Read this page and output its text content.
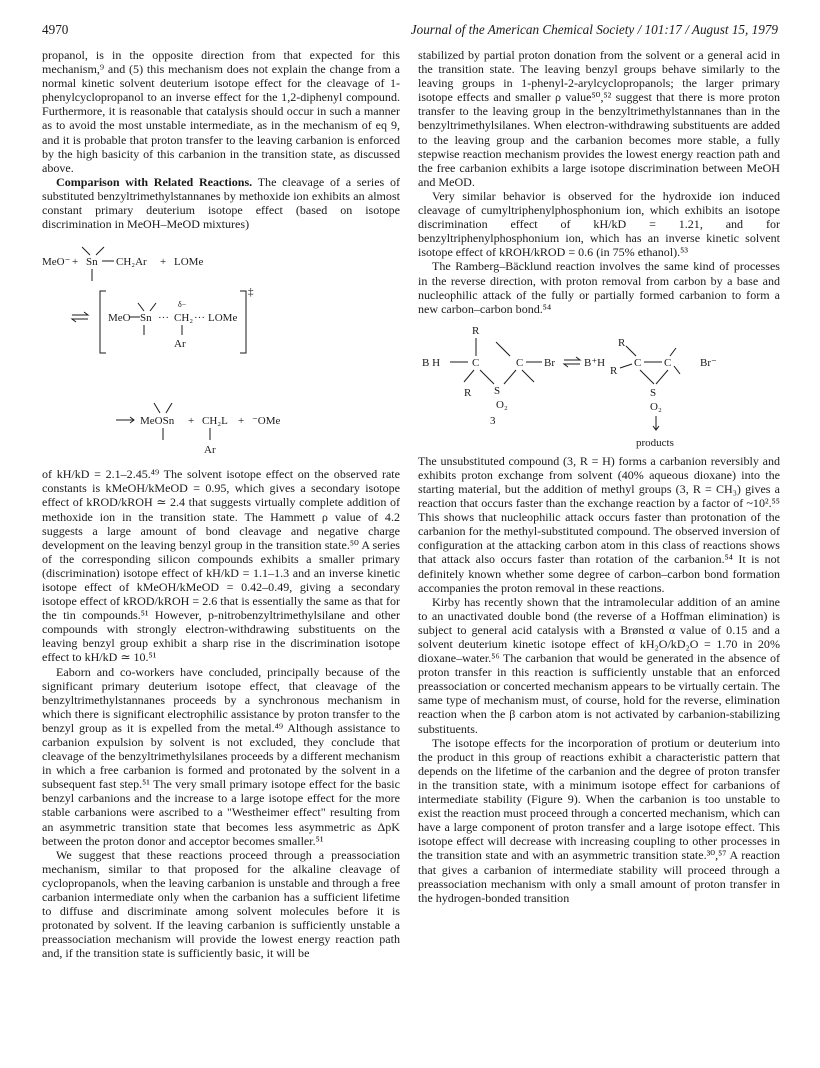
4970	Journal of the American Chemical Society / 101:17 / August 15, 1979

propanol, is in the opposite direction from that expected for this mechanism,⁹ and (5) this mechanism does not explain the change from a normal kinetic solvent deuterium isotope effect for the cleavage of 1-phenylcyclopropanol to an inverse effect for the 1,2-diphenyl compound. Furthermore, it is reasonable that catalysis should occur in such a manner as to avoid the most unstable intermediate, as in the mechanism of eq 9, and it is probable that proton transfer to the leaving carbanion is enforced by the high basicity of this carbanion in the transition state, as discussed above.

Comparison with Related Reactions. The cleavage of a series of substituted benzyltrimethylstannanes by methoxide ion exhibits an almost constant primary deuterium isotope effect (based on isotope discrimination in MeOH–MeOD mixtures)

MeO⁻ + Sn CH₂Ar + LOMe
‡
MeO Sn ···
δ−
CH₂
Ar
··· LOMe
MeOSn + CH₂L
Ar
+ ⁻OMe

of kH/kD = 2.1–2.45.⁴⁹ The solvent isotope effect on the observed rate constants is kMeOH/kMeOD = 0.95, which gives a secondary isotope effect of kROD/kROH ≃ 2.4 that suggests virtually complete addition of methoxide ion in the transition state. The Hammett ρ value of 4.2 suggests a large amount of bond cleavage and negative charge development on the leaving benzyl group in the transition state.⁵⁰ A series of the corresponding silicon compounds exhibits a smaller primary (discrimination) isotope effect of kH/kD = 1.1–1.3 and an inverse kinetic isotope effect of kMeOH/kMeOD = 0.42–0.49, giving a secondary isotope effect of kROD/kROH = 2.6 that is essentially the same as that for the tin compounds.⁵¹ However, p-nitrobenzyltrimethylsilane and other compounds with strongly electron-withdrawing substituents on the leaving benzyl group exhibit a sharp rise in the discrimination isotope effect to kH/kD ≃ 10.⁵¹

Eaborn and co-workers have concluded, principally because of the significant primary deuterium isotope effect, that cleavage of the benzyltrimethylstannanes proceeds by a synchronous mechanism in which there is significant electrophilic assistance by proton transfer to the benzyl group as it is expelled from the metal.⁴⁹ Although assistance to carbanion expulsion by solvent is not excluded, they conclude that cleavage of the benzyltrimethylsilanes proceeds by a different mechanism in which a free carbanion is formed and protonated by the solvent in a subsequent fast step.⁵¹ The very small primary isotope effect for the basic benzyl carbanions and the increase to a large isotope effect for the more stable carbanions were ascribed to a "Westheimer effect" resulting from an asymmetric transition state that becomes less asymmetric as ΔpK between the proton donor and acceptor becomes smaller.⁵¹

We suggest that these reactions proceed through a preassociation mechanism, similar to that proposed for the alkaline cleavage of cyclopropanols, when the leaving carbanion is unstable and through a free carbanion intermediate only when the carbanion has a sufficient lifetime to diffuse and discriminate among solvent molecules before it is protonated by solvent. If the leaving carbanion is sufficiently unstable a preassociation mechanism will provide the lowest energy reaction path and, if the transition state is sufficiently basic, it will be

stabilized by partial proton donation from the solvent or a general acid in the transition state. The leaving benzyl groups behave similarly to the leaving groups in 1-phenyl-2-arylcyclopropanols; the larger primary isotope effects and smaller ρ value⁵⁰,⁵² suggest that there is more proton transfer to the leaving group in the benzyltrimethylstannanes than in the benzyltrimethylsilanes. When electron-withdrawing substituents are added to the leaving group and the carbanion becomes more stable, a fully stepwise reaction mechanism provides the lowest energy reaction path and the free carbanion exhibits a large isotope discrimination between MeOH and MeOD.

Very similar behavior is observed for the hydroxide ion induced cleavage of cumyltriphenylphosphonium ion, which exhibits an isotope discrimination effect of kH/kD = 1.21, and for benzyltriphenylphosphonium ion, which has an inverse kinetic solvent isotope effect of kROH/kROD = 0.6 (in 75% ethanol).⁵³

The Ramberg–Bäcklund reaction involves the same kind of processes in the reverse direction, with proton removal from carbon by a base and nucleophilic attack of the fully or partially formed carbanion to form a new carbon–carbon bond.⁵⁴

R
B H	C
R S
O₂
C Br
3
B⁺H
R
R
C C
S
O₂
Br⁻
products

The unsubstituted compound (3, R = H) forms a carbanion reversibly and exhibits proton exchange from solvent (40% aqueous dioxane) into the starting material, but the addition of methyl groups (3, R = CH₃) gives a reaction that occurs faster than the exchange reaction by a factor of ~10².⁵⁵ This shows that nucleophilic attack occurs faster than protonation of the carbanion for the methyl-substituted compound. The observed inversion of configuration at the attacking carbon atom in this class of reactions shows that attack also occurs faster than rotation of the carbanion.⁵⁴ It is not definitely known whether some degree of carbon–carbon bond formation accompanies the proton removal in these reactions.

Kirby has recently shown that the intramolecular addition of an amine to an unactivated double bond (the reverse of a Hoffman elimination) is subject to general acid catalysis with a Brønsted α value of 0.15 and a solvent deuterium kinetic isotope effect of kH₂O/kD₂O = 1.70 in 20% dioxane–water.⁵⁶ The carbanion that would be generated in the absence of proton transfer in this reaction is sufficiently unstable that an enforced preassociation or concerted mechanism appears to be virtually certain. The same type of mechanism must, of course, hold for the reverse, elimination reaction when the β carbon atom is not activated by carbanion-stabilizing substituents.

The isotope effects for the incorporation of protium or deuterium into the product in this group of reactions exhibit a characteristic pattern that depends on the lifetime of the carbanion and the degree of proton transfer in the transition state, with a minimum isotope effect for carbanions of intermediate stability (Figure 9). When the carbanion is too unstable to exist the reaction must proceed through a concerted mechanism, which can have a large component of proton transfer and a large isotope effect. This isotope effect will decrease with increasing coupling to other processes in the transition state and with an asymmetric transition state.³⁰,⁵⁷ A reaction that gives a carbanion of intermediate stability will proceed through a preassociation mechanism with only a small amount of proton transfer in the hydrogen-bonded transition
